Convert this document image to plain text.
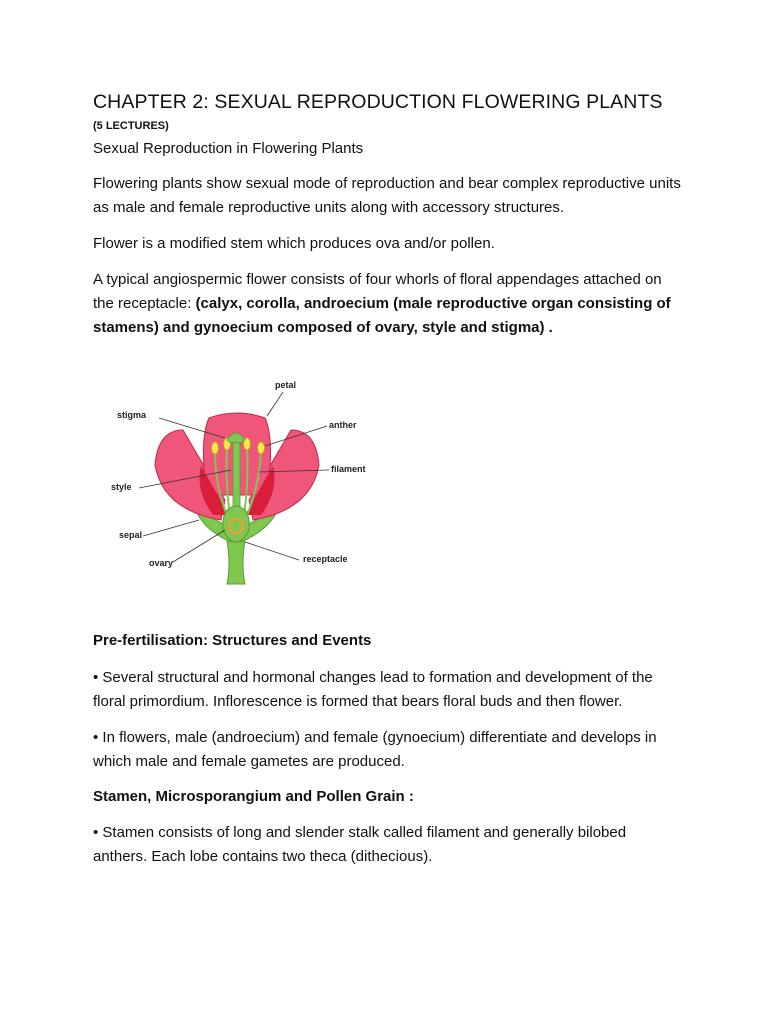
CHAPTER 2: SEXUAL REPRODUCTION FLOWERING PLANTS
(5 LECTURES)
Sexual Reproduction in Flowering Plants

Flowering plants show sexual mode of reproduction and bear complex reproductive units as male and female reproductive units along with accessory structures.

Flower is a modified stem which produces ova and/or pollen.

A typical angiospermic flower consists of four whorls of floral appendages attached on the receptacle: (calyx, corolla, androecium (male reproductive organ consisting of stamens) and gynoecium composed of ovary, style and stigma) .

petal
stigma
anther
filament
style
sepal
ovary	receptacle
Pre-fertilisation: Structures and Events

• Several structural and hormonal changes lead to formation and development of the floral primordium. Inflorescence is formed that bears floral buds and then flower.

• In flowers, male (androecium) and female (gynoecium) differentiate and develops in which male and female gametes are produced.

Stamen, Microsporangium and Pollen Grain :

• Stamen consists of long and slender stalk called filament and generally bilobed anthers. Each lobe contains two theca (dithecious).
